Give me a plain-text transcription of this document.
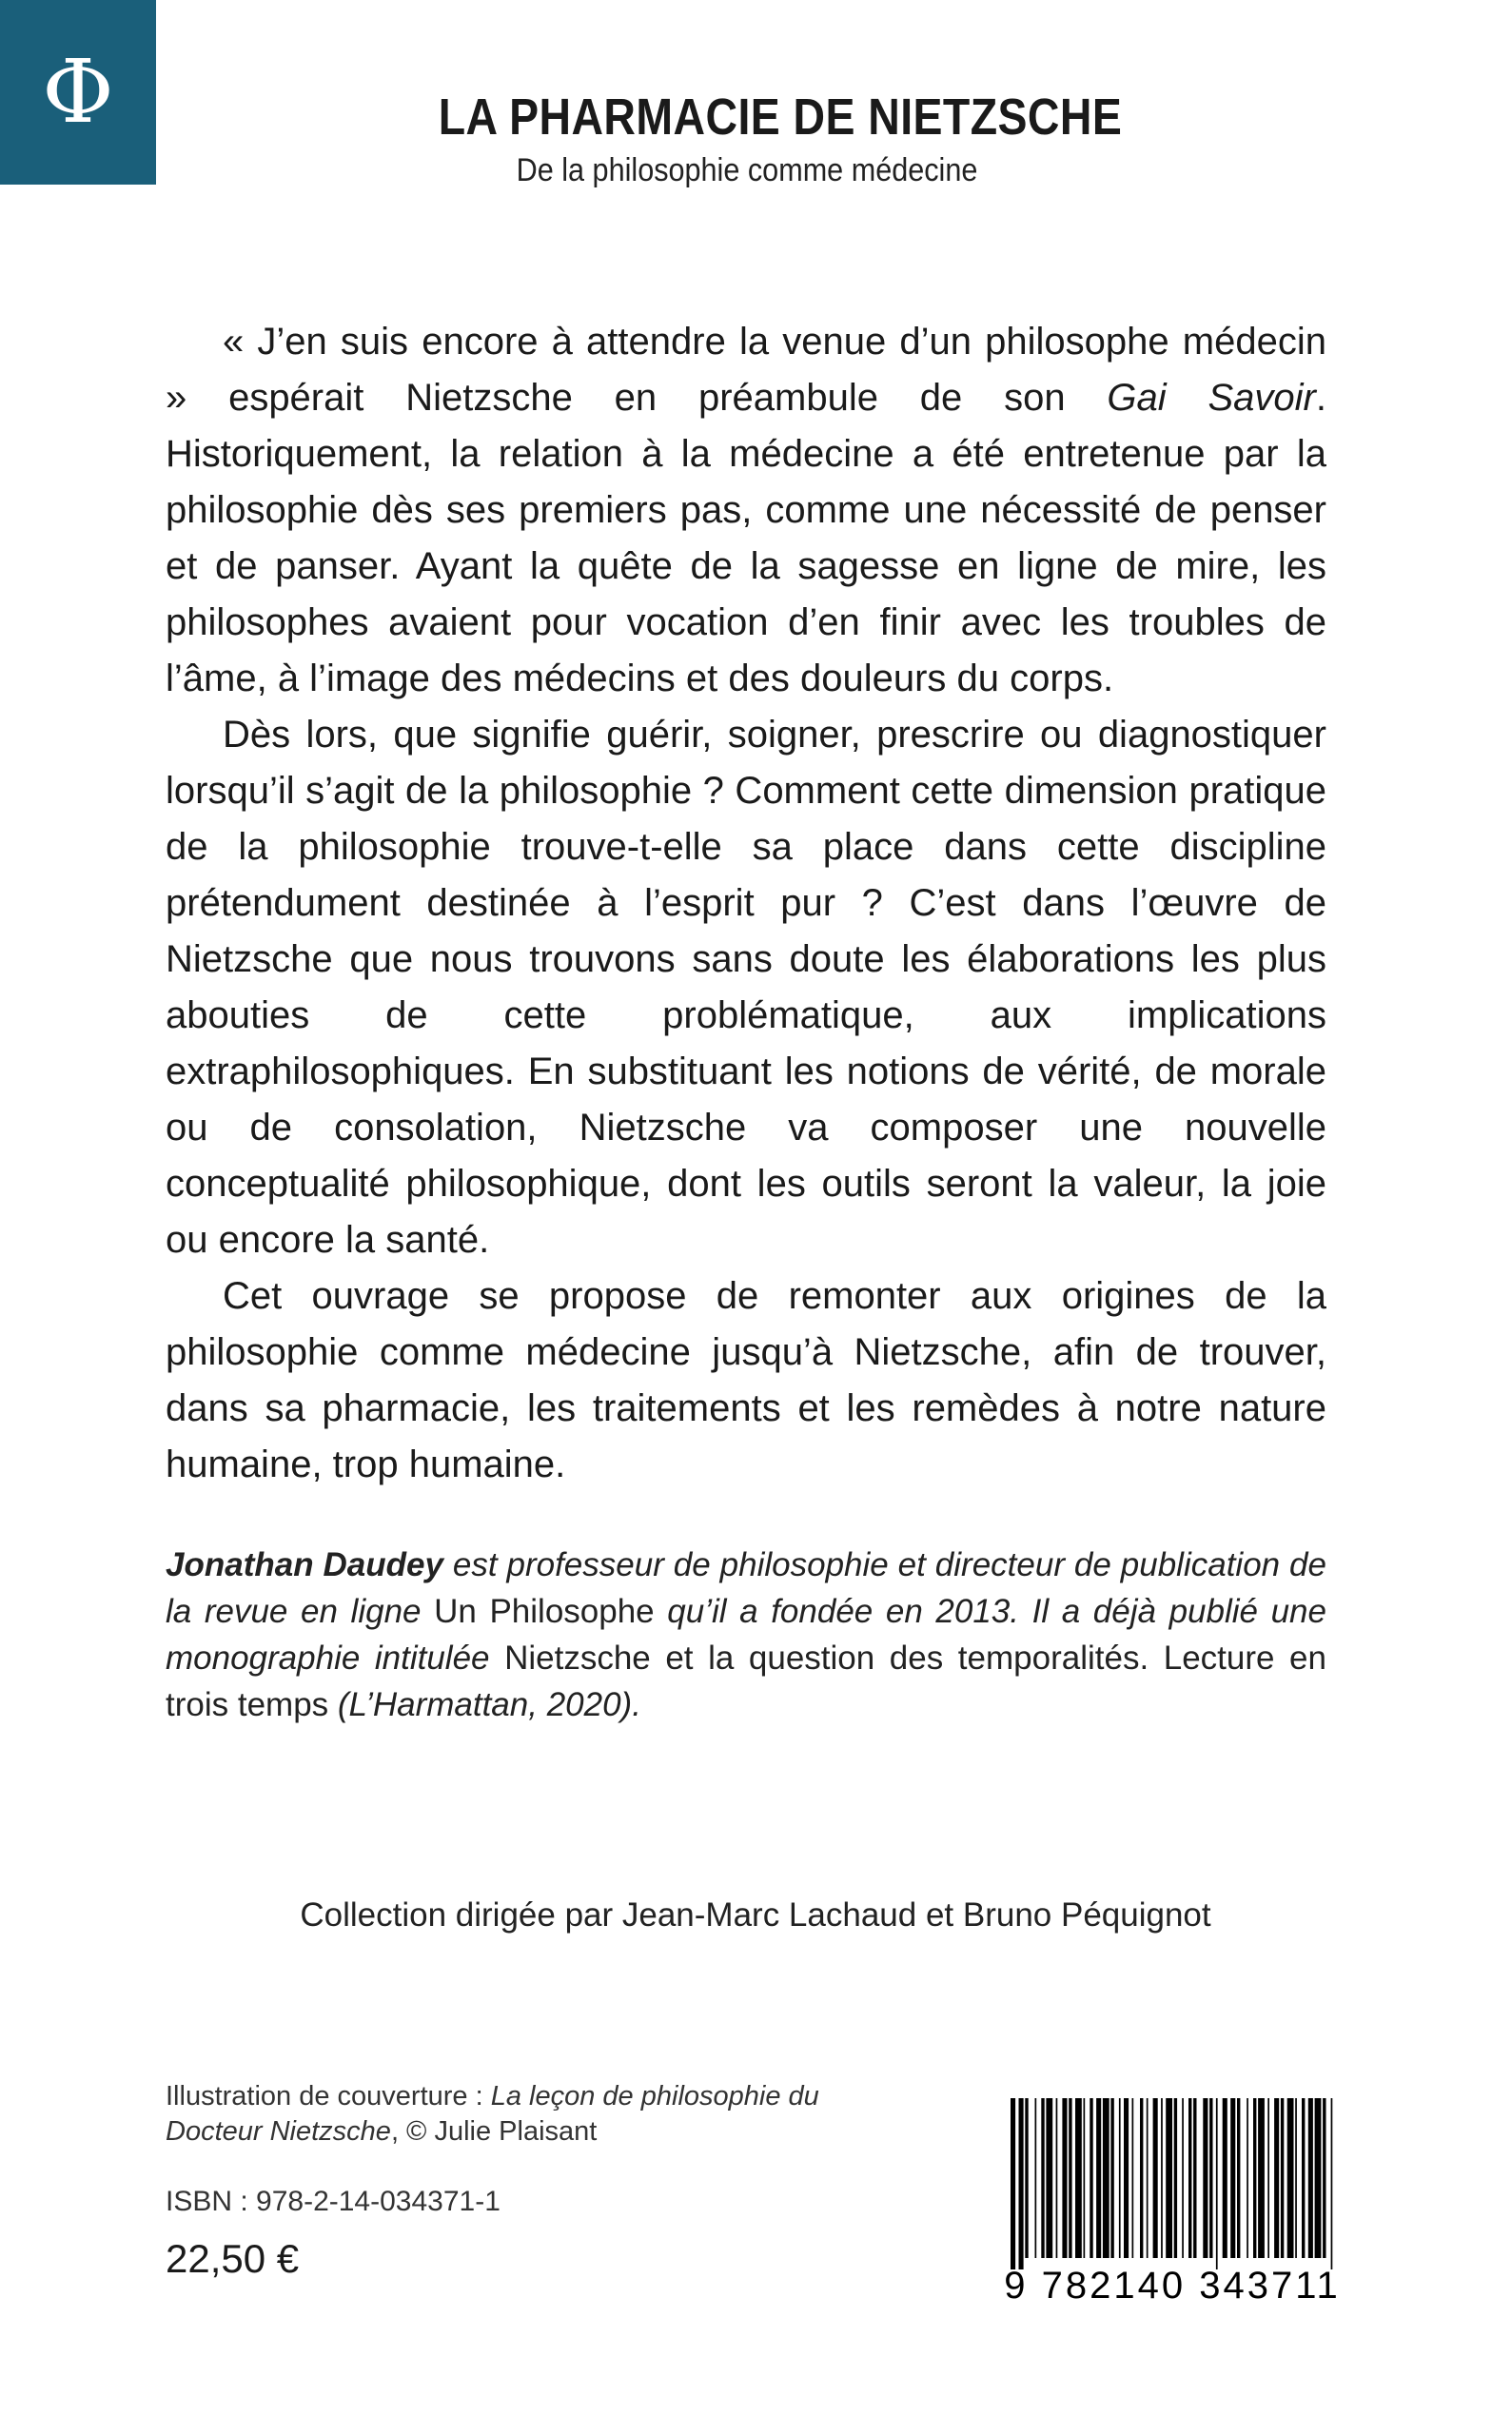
Φ	LA PHARMACIE DE NIETZSCHE
De la philosophie comme médecine

« J’en suis encore à attendre la venue d’un philosophe médecin » espérait Nietzsche en préambule de son Gai Savoir. Historiquement, la relation à la médecine a été entretenue par la philosophie dès ses premiers pas, comme une nécessité de penser et de panser. Ayant la quête de la sagesse en ligne de mire, les philosophes avaient pour vocation d’en finir avec les troubles de l’âme, à l’image des médecins et des douleurs du corps.

Dès lors, que signifie guérir, soigner, prescrire ou diagnostiquer lorsqu’il s’agit de la philosophie ? Comment cette dimension pratique de la philosophie trouve-t-elle sa place dans cette discipline prétendument destinée à l’esprit pur ? C’est dans l’œuvre de Nietzsche que nous trouvons sans doute les élaborations les plus abouties de cette problématique, aux implications extraphilosophiques. En substituant les notions de vérité, de morale ou de consolation, Nietzsche va composer une nouvelle conceptualité philosophique, dont les outils seront la valeur, la joie ou encore la santé.

Cet ouvrage se propose de remonter aux origines de la philosophie comme médecine jusqu’à Nietzsche, afin de trouver, dans sa pharmacie, les traitements et les remèdes à notre nature humaine, trop humaine.

Jonathan Daudey est professeur de philosophie et directeur de publication de la revue en ligne Un Philosophe qu’il a fondée en 2013. Il a déjà publié une monographie intitulée Nietzsche et la question des temporalités. Lecture en trois temps (L’Harmattan, 2020).
Collection dirigée par Jean-Marc Lachaud et Bruno Péquignot
Illustration de couverture : La leçon de philosophie du Docteur Nietzsche, © Julie Plaisant
ISBN : 978-2-14-034371-1
22,50 €
9 782140 343711
